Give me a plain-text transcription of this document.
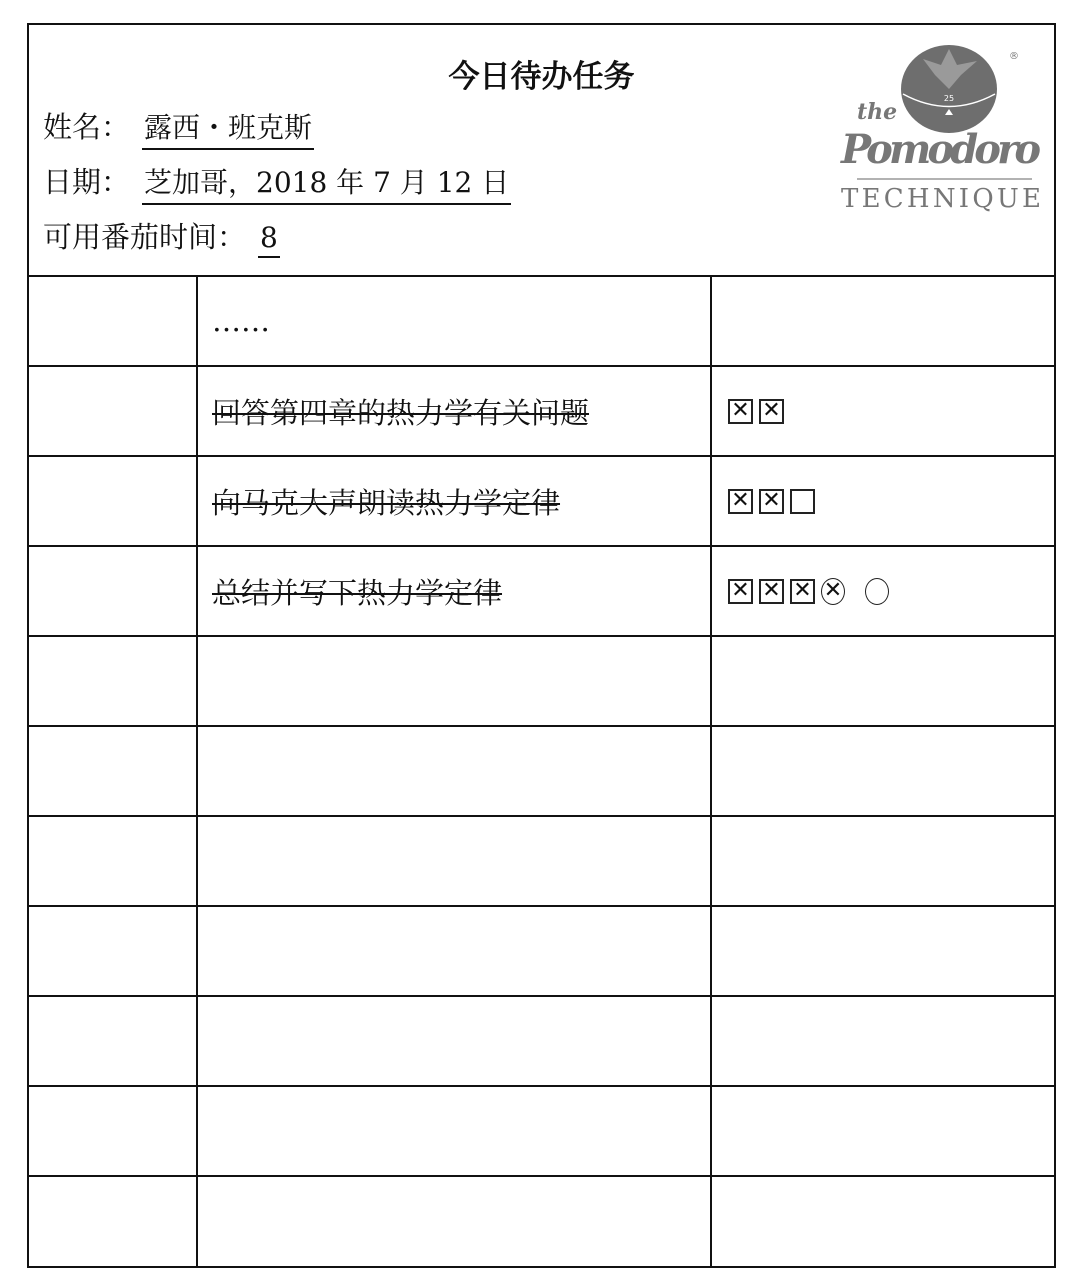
今日待办任务
姓名： 露西・班克斯
日期： 芝加哥，2018 年 7 月 12 日
可用番茄时间： 8
25
®
the
Pomodoro
TECHNIQUE
……
回答第四章的热力学有关问题	✕ ✕
向马克大声朗读热力学定律	✕ ✕
总结并写下热力学定律	✕ ✕ ✕ ✕
